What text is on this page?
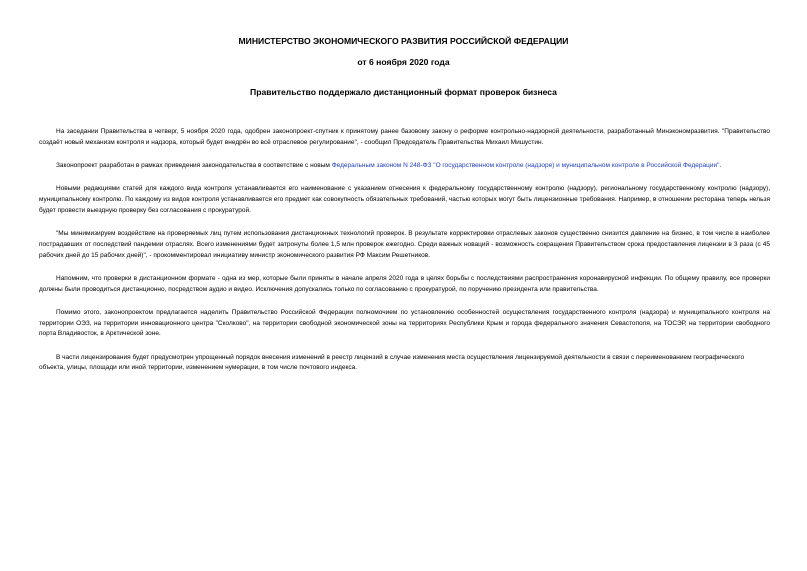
МИНИСТЕРСТВО ЭКОНОМИЧЕСКОГО РАЗВИТИЯ РОССИЙСКОЙ ФЕДЕРАЦИИ
от 6 ноября 2020 года
Правительство поддержало дистанционный формат проверок бизнеса

На заседании Правительства в четверг, 5 ноября 2020 года, одобрен законопроект-спутник к принятому ранее базовому закону о реформе контрольно-надзорной деятельности, разработанный Минэкономразвития. "Правительство создаёт новый механизм контроля и надзора, который будет внедрён во всё отраслевое регулирование", - сообщил Председатель Правительства Михаил Мишустин.

Законопроект разработан в рамках приведения законодательства в соответствие с новым Федеральным законом N 248-ФЗ "О государственном контроле (надзоре) и муниципальном контроле в Российской Федерации".

Новыми редакциями статей для каждого вида контроля устанавливается его наименование с указанием отнесения к федеральному государственному контролю (надзору), региональному государственному контролю (надзору), муниципальному контролю. По каждому из видов контроля устанавливается его предмет как совокупность обязательных требований, частью которых могут быть лицензионные требования. Например, в отношении ресторана теперь нельзя будет провести выездную проверку без согласования с прокуратурой.

"Мы минимизируем воздействие на проверяемых лиц путем использования дистанционных технологий проверок. В результате корректировки отраслевых законов существенно снизится давление на бизнес, в том числе в наиболее пострадавших от последствий пандемии отраслях. Всего изменениями будет затронуты более 1,5 млн проверок ежегодно. Среди важных новаций - возможность сокращения Правительством срока предоставления лицензии в 3 раза (с 45 рабочих дней до 15 рабочих дней)", - прокомментировал инициативу министр экономического развития РФ Максим Решетников.

Напомним, что проверки в дистанционном формате - одна из мер, которые были приняты в начале апреля 2020 года в целях борьбы с последствиями распространения коронавирусной инфекции. По общему правилу, все проверки должны были проводиться дистанционно, посредством аудио и видео. Исключения допускались только по согласованию с прокуратурой, по поручению президента или правительства.

Помимо этого, законопроектом предлагается наделить Правительство Российской Федерации полномочием по установлению особенностей осуществления государственного контроля (надзора) и муниципального контроля на территории ОЭЗ, на территории инновационного центра "Сколково", на территории свободной экономической зоны на территориях Республики Крым и города федерального значения Севастополя, на ТОСЭР, на территории свободного порта Владивосток, в Арктической зоне.

В части лицензирования будет предусмотрен упрощенный порядок внесения изменений в реестр лицензий в случае изменения места осуществления лицензируемой деятельности в связи с переименованием географического объекта, улицы, площади или иной территории, изменением нумерации, в том числе почтового индекса.
